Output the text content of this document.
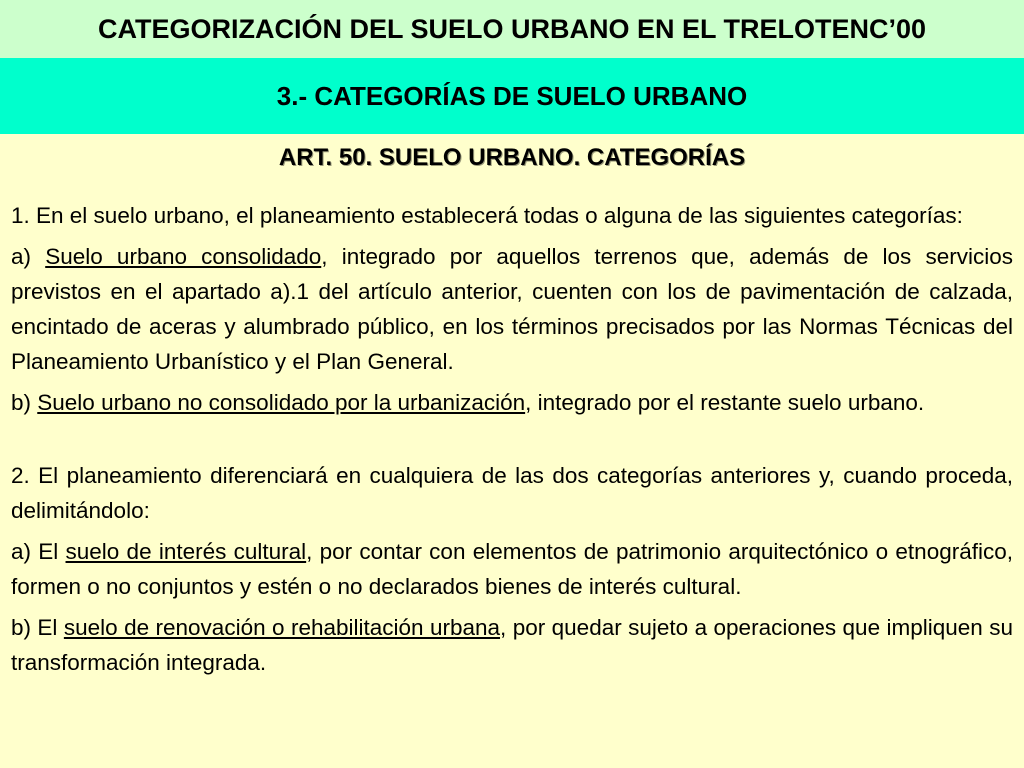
CATEGORIZACIÓN DEL SUELO URBANO EN EL TRELOTENC’00
3.- CATEGORÍAS DE SUELO URBANO
ART. 50. SUELO URBANO. CATEGORÍAS

1. En el suelo urbano, el planeamiento establecerá todas o alguna de las siguientes categorías:

a) Suelo urbano consolidado, integrado por aquellos terrenos que, además de los servicios previstos en el apartado a).1 del artículo anterior, cuenten con los de pavimentación de calzada, encintado de aceras y alumbrado público, en los términos precisados por las Normas Técnicas del Planeamiento Urbanístico y el Plan General.

b) Suelo urbano no consolidado por la urbanización, integrado por el restante suelo urbano.

2. El planeamiento diferenciará en cualquiera de las dos categorías anteriores y, cuando proceda, delimitándolo:

a) El suelo de interés cultural, por contar con elementos de patrimonio arquitectónico o etnográfico, formen o no conjuntos y estén o no declarados bienes de interés cultural.

b) El suelo de renovación o rehabilitación urbana, por quedar sujeto a operaciones que impliquen su transformación integrada.
